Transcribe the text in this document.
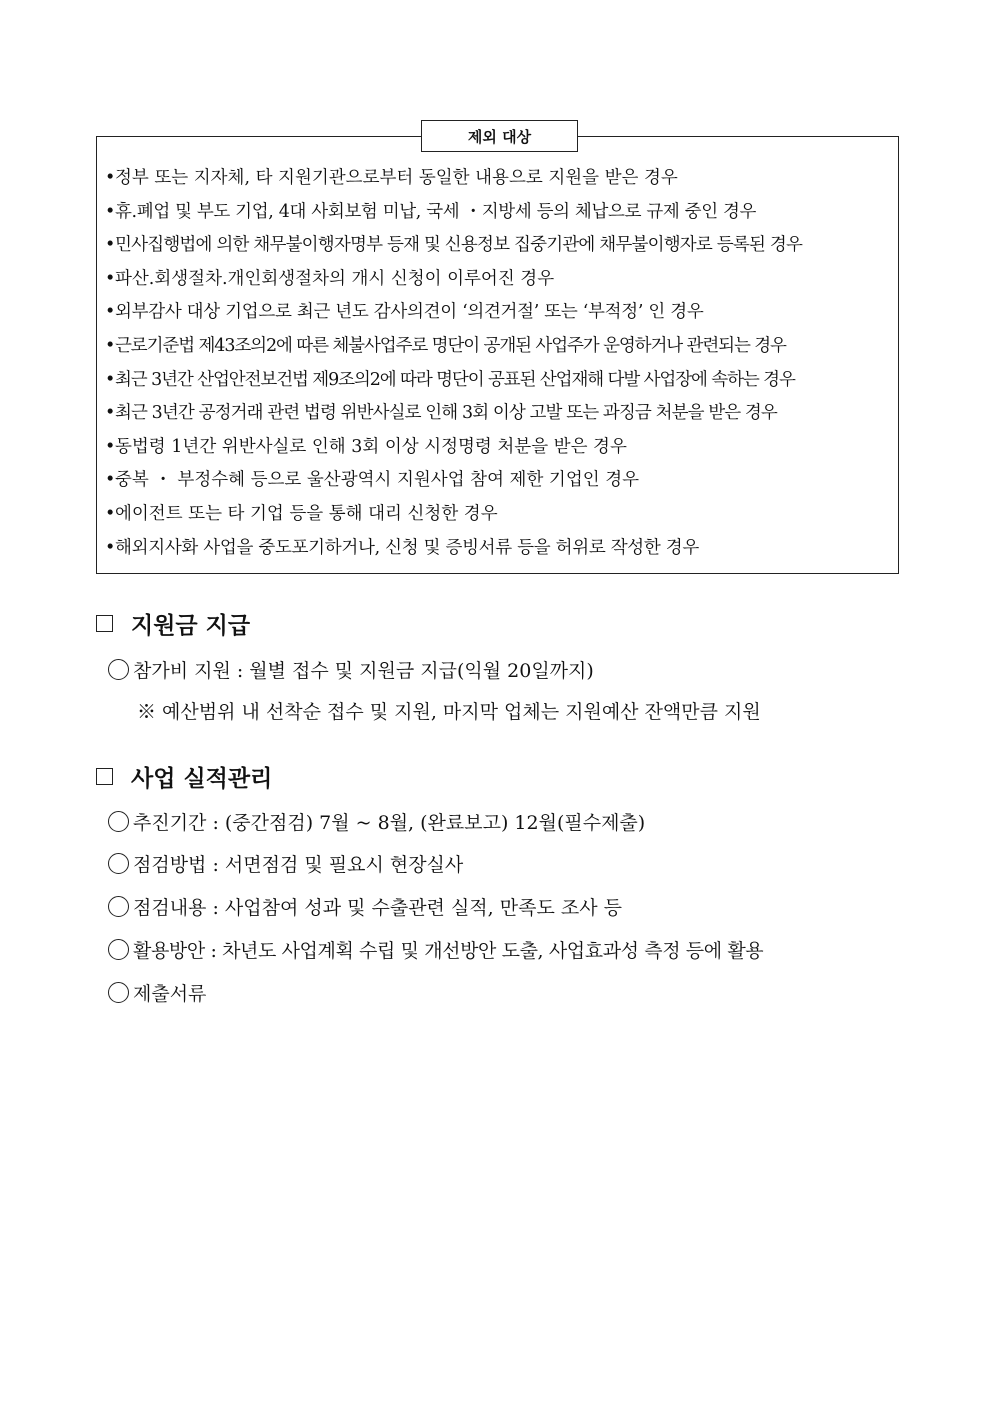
제외 대상
•정부 또는 지자체, 타 지원기관으로부터 동일한 내용으로 지원을 받은 경우
•휴.폐업 및 부도 기업, 4대 사회보험 미납, 국세 ・지방세 등의 체납으로 규제 중인 경우
•민사집행법에 의한 채무불이행자명부 등재 및 신용정보 집중기관에 채무불이행자로 등록된 경우
•파산.회생절차.개인회생절차의 개시 신청이 이루어진 경우
•외부감사 대상 기업으로 최근 년도 감사의견이 ‘의견거절’ 또는 ‘부적정’ 인 경우
•근로기준법 제43조의2에 따른 체불사업주로 명단이 공개된 사업주가 운영하거나 관련되는 경우
•최근 3년간 산업안전보건법 제9조의2에 따라 명단이 공표된 산업재해 다발 사업장에 속하는 경우
•최근 3년간 공정거래 관련 법령 위반사실로 인해 3회 이상 고발 또는 과징금 처분을 받은 경우
•동법령 1년간 위반사실로 인해 3회 이상 시정명령 처분을 받은 경우
•중복 ・ 부정수혜 등으로 울산광역시 지원사업 참여 제한 기업인 경우
•에이전트 또는 타 기업 등을 통해 대리 신청한 경우
•해외지사화 사업을 중도포기하거나, 신청 및 증빙서류 등을 허위로 작성한 경우
지원금 지급
참가비 지원 : 월별 접수 및 지원금 지급(익월 20일까지)
※ 예산범위 내 선착순 접수 및 지원, 마지막 업체는 지원예산 잔액만큼 지원
사업 실적관리
추진기간 : (중간점검) 7월 ~ 8월, (완료보고) 12월(필수제출)
점검방법 : 서면점검 및 필요시 현장실사
점검내용 : 사업참여 성과 및 수출관련 실적, 만족도 조사 등
활용방안 : 차년도 사업계획 수립 및 개선방안 도출, 사업효과성 측정 등에 활용
제출서류
